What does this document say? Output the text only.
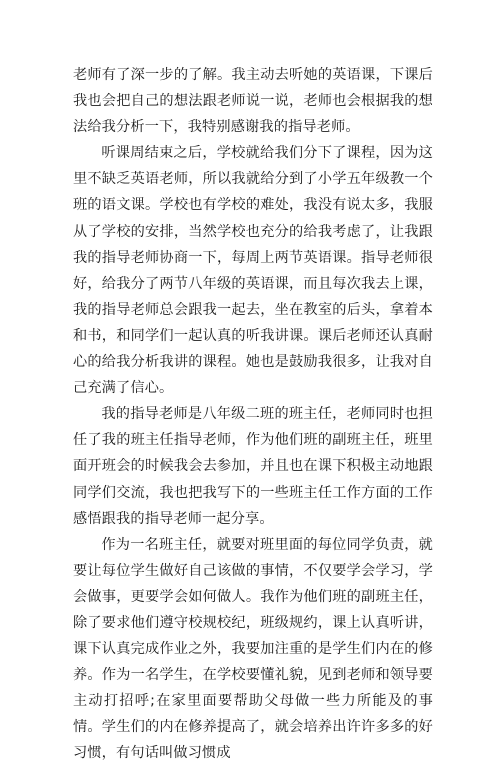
老师有了深一步的了解。我主动去听她的英语课，下课后我也会把自己的想法跟老师说一说，老师也会根据我的想法给我分析一下，我特别感谢我的指导老师。

听课周结束之后，学校就给我们分下了课程，因为这里不缺乏英语老师，所以我就给分到了小学五年级教一个班的语文课。学校也有学校的难处，我没有说太多，我服从了学校的安排，当然学校也充分的给我考虑了，让我跟我的指导老师协商一下，每周上两节英语课。指导老师很好，给我分了两节八年级的英语课，而且每次我去上课，我的指导老师总会跟我一起去，坐在教室的后头，拿着本和书，和同学们一起认真的听我讲课。课后老师还认真耐心的给我分析我讲的课程。她也是鼓励我很多，让我对自己充满了信心。

我的指导老师是八年级二班的班主任，老师同时也担任了我的班主任指导老师，作为他们班的副班主任，班里面开班会的时候我会去参加，并且也在课下积极主动地跟同学们交流，我也把我写下的一些班主任工作方面的工作感悟跟我的指导老师一起分享。

作为一名班主任，就要对班里面的每位同学负责，就要让每位学生做好自己该做的事情，不仅要学会学习，学会做事，更要学会如何做人。我作为他们班的副班主任，除了要求他们遵守校规校纪，班级规约，课上认真听讲，课下认真完成作业之外，我要加注重的是学生们内在的修养。作为一名学生，在学校要懂礼貌，见到老师和领导要主动打招呼;在家里面要帮助父母做一些力所能及的事情。学生们的内在修养提高了，就会培养出许许多多的好习惯，有句话叫做习惯成
